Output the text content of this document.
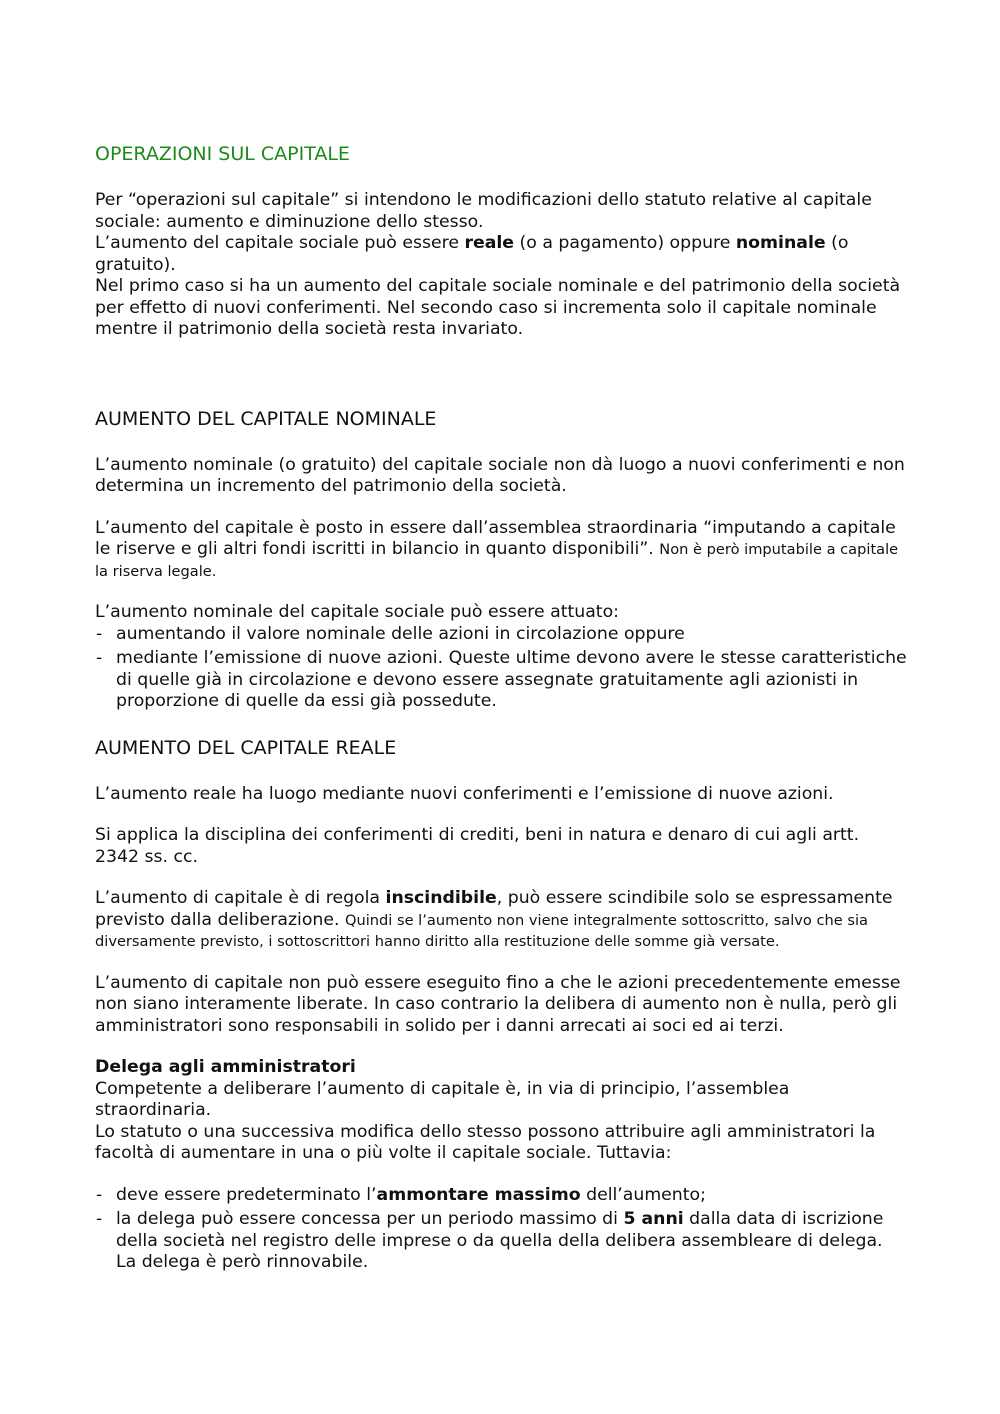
OPERAZIONI SUL CAPITALE

Per “operazioni sul capitale” si intendono le modificazioni dello statuto relative al capitale sociale: aumento e diminuzione dello stesso.

L’aumento del capitale sociale può essere reale (o a pagamento) oppure nominale (o gratuito).

Nel primo caso si ha un aumento del capitale sociale nominale e del patrimonio della società per effetto di nuovi conferimenti. Nel secondo caso si incrementa solo il capitale nominale mentre il patrimonio della società resta invariato.

AUMENTO DEL CAPITALE NOMINALE

L’aumento nominale (o gratuito) del capitale sociale non dà luogo a nuovi conferimenti e non determina un incremento del patrimonio della società.

L’aumento del capitale è posto in essere dall’assemblea straordinaria “imputando a capitale le riserve e gli altri fondi iscritti in bilancio in quanto disponibili”. Non è però imputabile a capitale la riserva legale.

L’aumento nominale del capitale sociale può essere attuato:

- aumentando il valore nominale delle azioni in circolazione oppure
- mediante l’emissione di nuove azioni. Queste ultime devono avere le stesse caratteristiche di quelle già in circolazione e devono essere assegnate gratuitamente agli azionisti in proporzione di quelle da essi già possedute.
AUMENTO DEL CAPITALE REALE

L’aumento reale ha luogo mediante nuovi conferimenti e l’emissione di nuove azioni.

Si applica la disciplina dei conferimenti di crediti, beni in natura e denaro di cui agli artt. 2342 ss. cc.

L’aumento di capitale è di regola inscindibile, può essere scindibile solo se espressamente previsto dalla deliberazione. Quindi se l’aumento non viene integralmente sottoscritto, salvo che sia diversamente previsto, i sottoscrittori hanno diritto alla restituzione delle somme già versate.

L’aumento di capitale non può essere eseguito fino a che le azioni precedentemente emesse non siano interamente liberate. In caso contrario la delibera di aumento non è nulla, però gli amministratori sono responsabili in solido per i danni arrecati ai soci ed ai terzi.

Delega agli amministratori

Competente a deliberare l’aumento di capitale è, in via di principio, l’assemblea straordinaria.

Lo statuto o una successiva modifica dello stesso possono attribuire agli amministratori la facoltà di aumentare in una o più volte il capitale sociale. Tuttavia:

- deve essere predeterminato l’ammontare massimo dell’aumento;
- la delega può essere concessa per un periodo massimo di 5 anni dalla data di iscrizione della società nel registro delle imprese o da quella della delibera assembleare di delega. La delega è però rinnovabile.
